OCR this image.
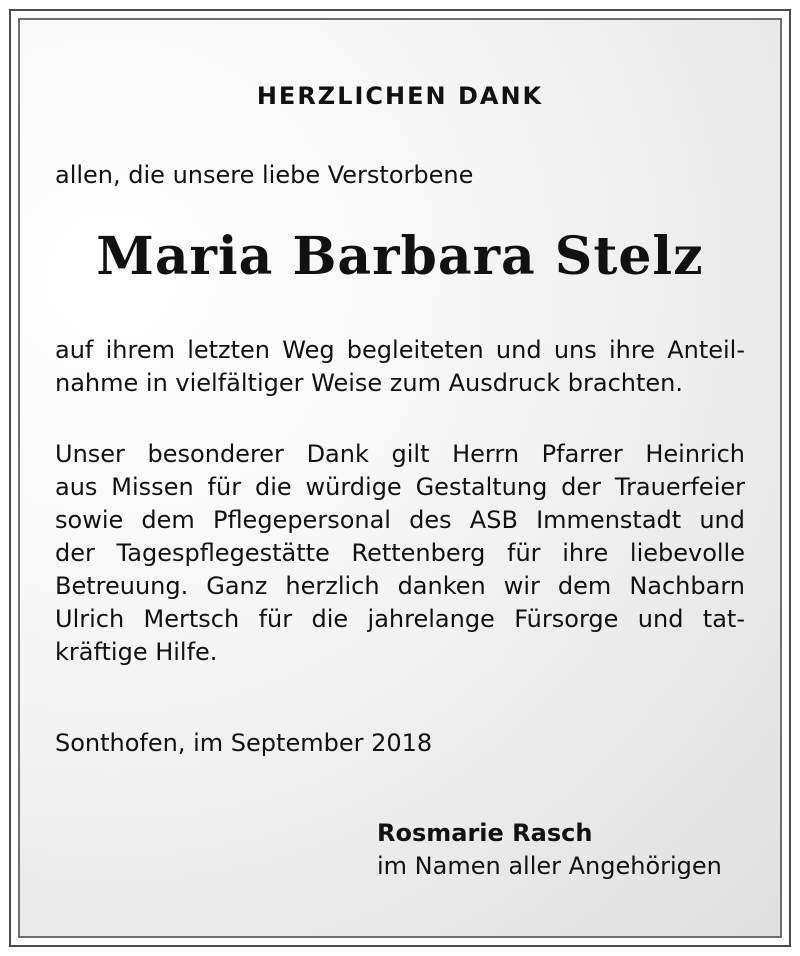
HERZLICHEN DANK
allen, die unsere liebe Verstorbene
Maria Barbara Stelz
auf ihrem letzten Weg begleiteten und uns ihre Anteil-
nahme in vielfältiger Weise zum Ausdruck brachten.
Unser besonderer Dank gilt Herrn Pfarrer Heinrich
aus Missen für die würdige Gestaltung der Trauerfeier
sowie dem Pflegepersonal des ASB Immenstadt und
der Tagespflegestätte Rettenberg für ihre liebevolle
Betreuung. Ganz herzlich danken wir dem Nachbarn
Ulrich Mertsch für die jahrelange Fürsorge und tat-
kräftige Hilfe.
Sonthofen, im September 2018
Rosmarie Rasch
im Namen aller Angehörigen
